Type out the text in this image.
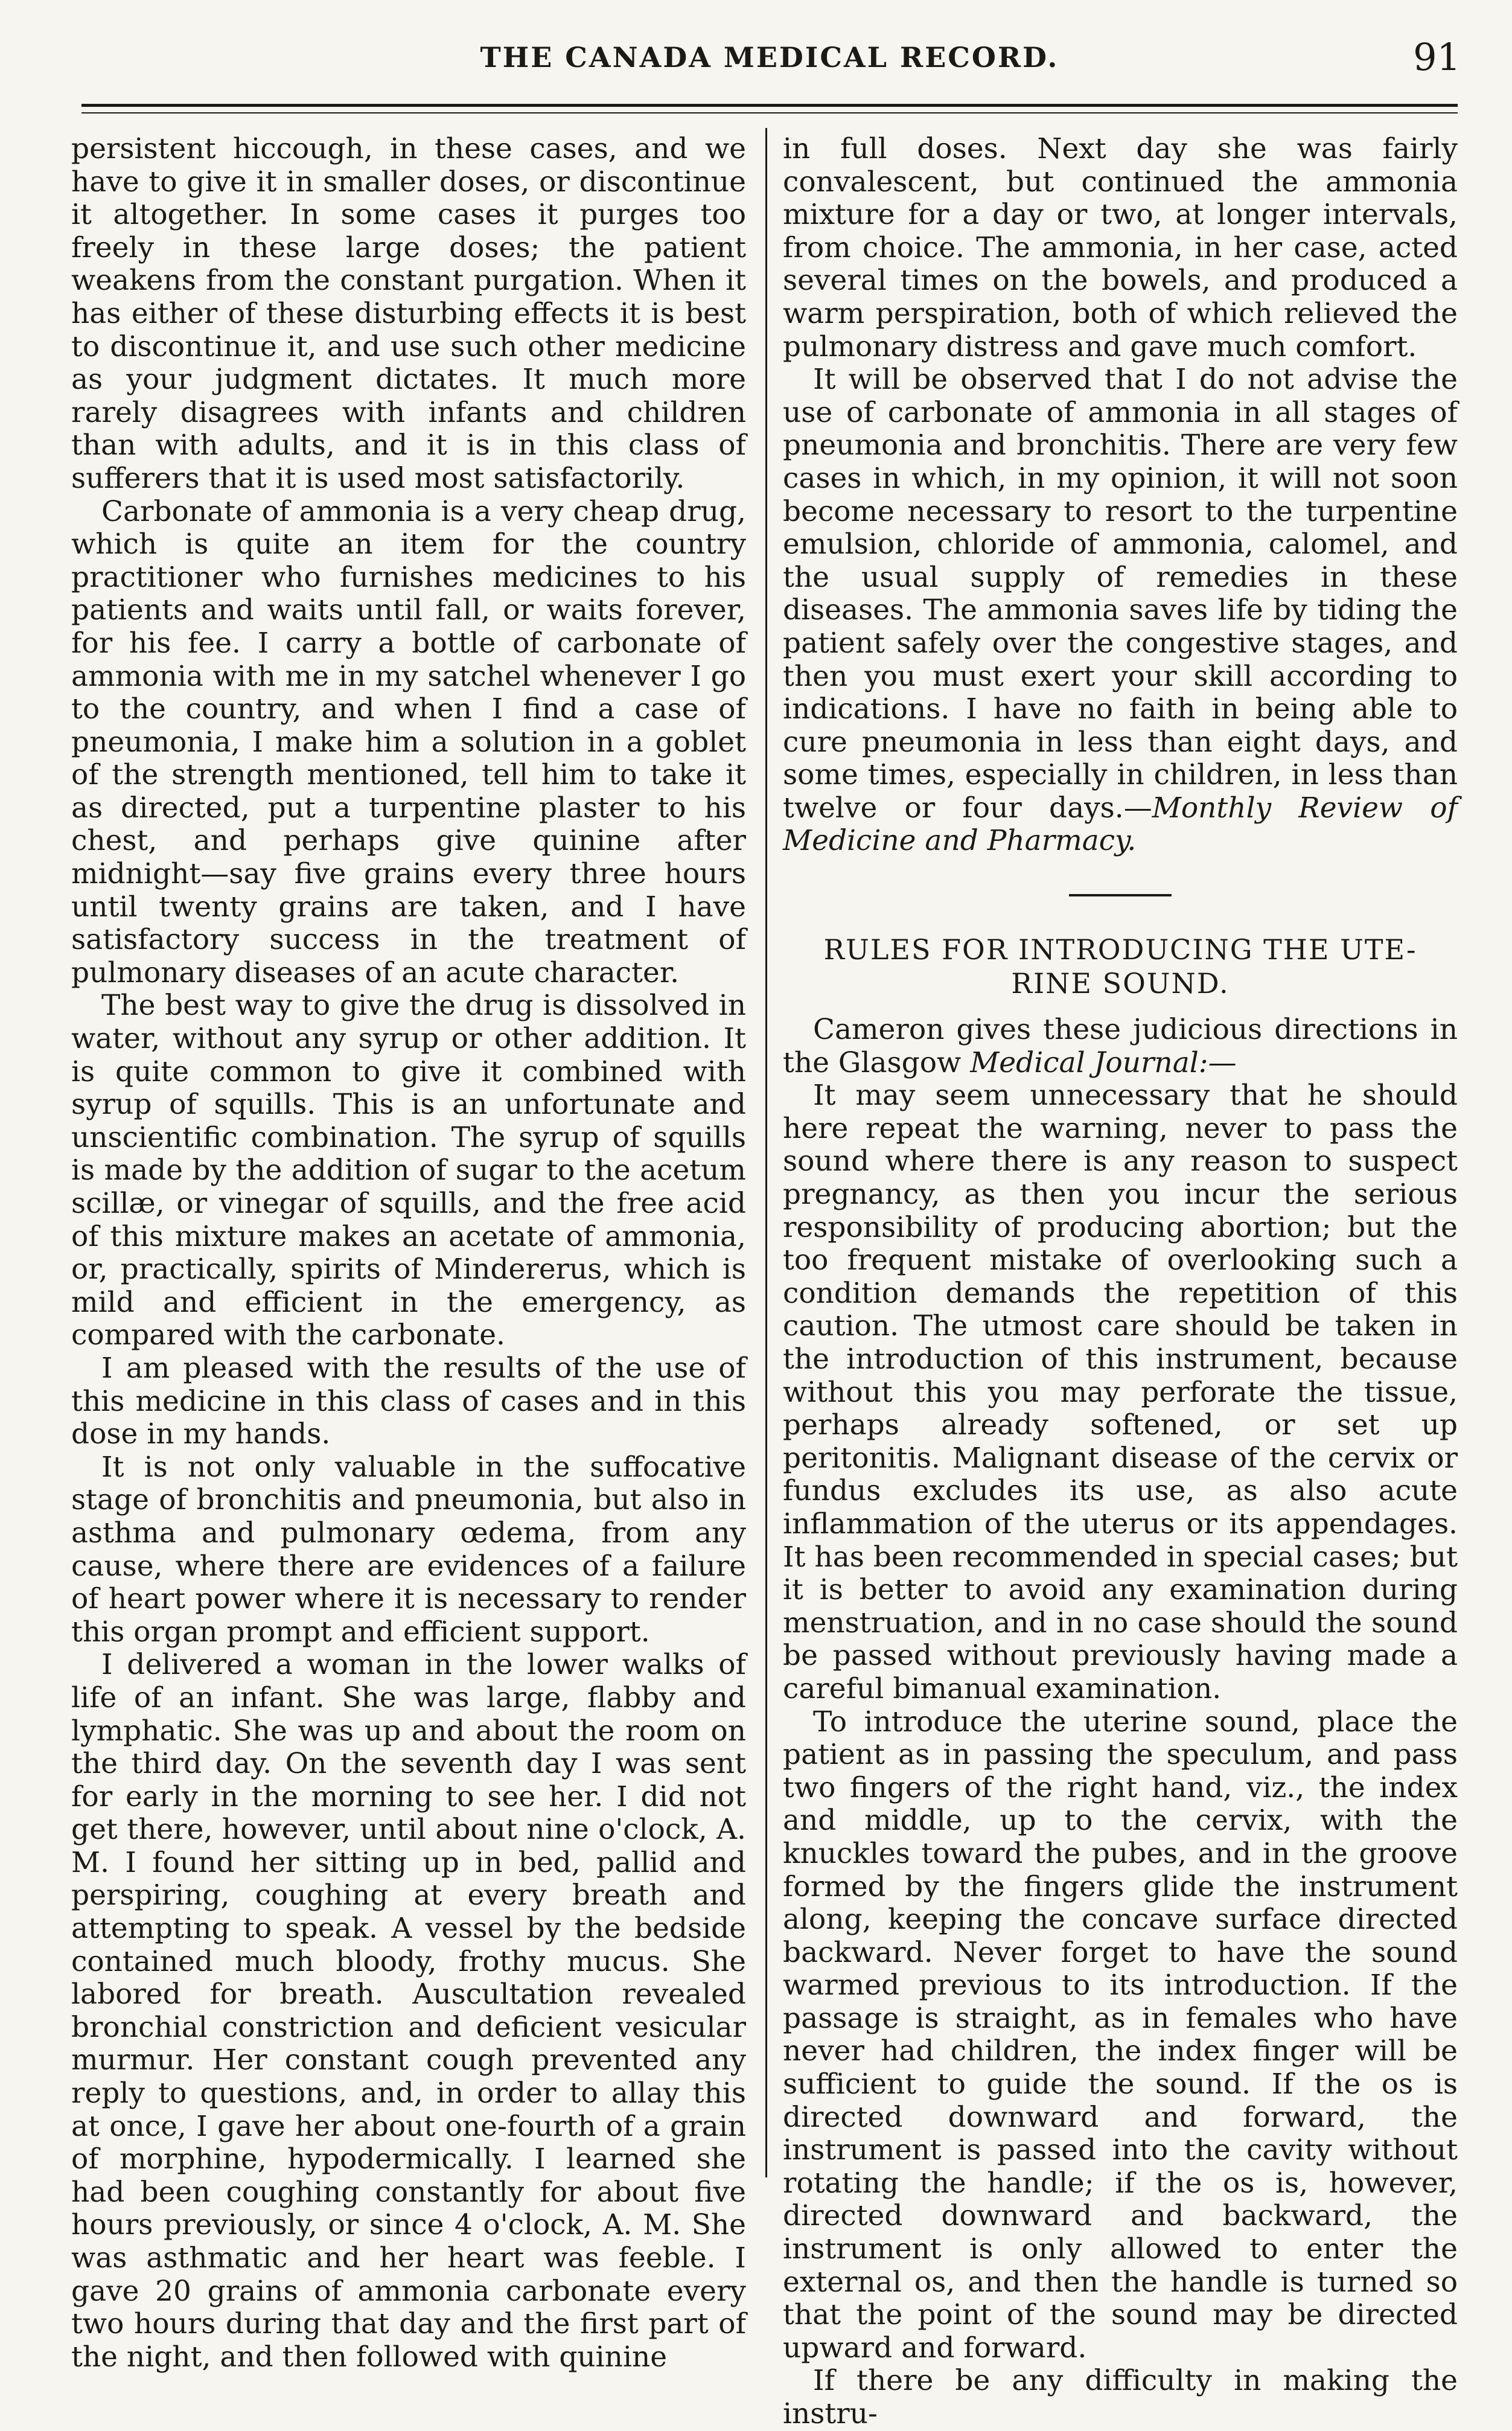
THE CANADA MEDICAL RECORD.	91

persistent hiccough, in these cases, and we have to give it in smaller doses, or discontinue it altogether. In some cases it purges too freely in these large doses; the patient weakens from the constant purgation. When it has either of these disturbing effects it is best to discontinue it, and use such other medicine as your judgment dictates. It much more rarely disagrees with infants and children than with adults, and it is in this class of sufferers that it is used most satisfactorily.

Carbonate of ammonia is a very cheap drug, which is quite an item for the country practitioner who furnishes medicines to his patients and waits until fall, or waits forever, for his fee. I carry a bottle of carbonate of ammonia with me in my satchel whenever I go to the country, and when I find a case of pneumonia, I make him a solution in a goblet of the strength mentioned, tell him to take it as directed, put a turpentine plaster to his chest, and perhaps give quinine after midnight—say five grains every three hours until twenty grains are taken, and I have satisfactory success in the treatment of pulmonary diseases of an acute character.

The best way to give the drug is dissolved in water, without any syrup or other addition. It is quite common to give it combined with syrup of squills. This is an unfortunate and unscientific combination. The syrup of squills is made by the addition of sugar to the acetum scillæ, or vinegar of squills, and the free acid of this mixture makes an acetate of ammonia, or, practically, spirits of Mindererus, which is mild and efficient in the emergency, as compared with the carbonate.

I am pleased with the results of the use of this medicine in this class of cases and in this dose in my hands.

It is not only valuable in the suffocative stage of bronchitis and pneumonia, but also in asthma and pulmonary œdema, from any cause, where there are evidences of a failure of heart power where it is necessary to render this organ prompt and efficient support.

I delivered a woman in the lower walks of life of an infant. She was large, flabby and lymphatic. She was up and about the room on the third day. On the seventh day I was sent for early in the morning to see her. I did not get there, however, until about nine o'clock, A. M. I found her sitting up in bed, pallid and perspiring, coughing at every breath and attempting to speak. A vessel by the bedside contained much bloody, frothy mucus. She labored for breath. Auscultation revealed bronchial constriction and deficient vesicular murmur. Her constant cough prevented any reply to questions, and, in order to allay this at once, I gave her about one-fourth of a grain of morphine, hypodermically. I learned she had been coughing constantly for about five hours previously, or since 4 o'clock, A. M. She was asthmatic and her heart was feeble. I gave 20 grains of ammonia carbonate every two hours during that day and the first part of the night, and then followed with quinine

in full doses. Next day she was fairly convalescent, but continued the ammonia mixture for a day or two, at longer intervals, from choice. The ammonia, in her case, acted several times on the bowels, and produced a warm perspiration, both of which relieved the pulmonary distress and gave much comfort.

It will be observed that I do not advise the use of carbonate of ammonia in all stages of pneumonia and bronchitis. There are very few cases in which, in my opinion, it will not soon become necessary to resort to the turpentine emulsion, chloride of ammonia, calomel, and the usual supply of remedies in these diseases. The ammonia saves life by tiding the patient safely over the congestive stages, and then you must exert your skill according to indications. I have no faith in being able to cure pneumonia in less than eight days, and some times, especially in children, in less than twelve or four days.—Monthly Review of Medicine and Pharmacy.

RULES FOR INTRODUCING THE UTE-
RINE SOUND.

Cameron gives these judicious directions in the Glasgow Medical Journal:—

It may seem unnecessary that he should here repeat the warning, never to pass the sound where there is any reason to suspect pregnancy, as then you incur the serious responsibility of producing abortion; but the too frequent mistake of overlooking such a condition demands the repetition of this caution. The utmost care should be taken in the introduction of this instrument, because without this you may perforate the tissue, perhaps already softened, or set up peritonitis. Malignant disease of the cervix or fundus excludes its use, as also acute inflammation of the uterus or its appendages. It has been recommended in special cases; but it is better to avoid any examination during menstruation, and in no case should the sound be passed without previously having made a careful bimanual examination.

To introduce the uterine sound, place the patient as in passing the speculum, and pass two fingers of the right hand, viz., the index and middle, up to the cervix, with the knuckles toward the pubes, and in the groove formed by the fingers glide the instrument along, keeping the concave surface directed backward. Never forget to have the sound warmed previous to its introduction. If the passage is straight, as in females who have never had children, the index finger will be sufficient to guide the sound. If the os is directed downward and forward, the instrument is passed into the cavity without rotating the handle; if the os is, however, directed downward and backward, the instrument is only allowed to enter the external os, and then the handle is turned so that the point of the sound may be directed upward and forward.

If there be any difficulty in making the instru-
